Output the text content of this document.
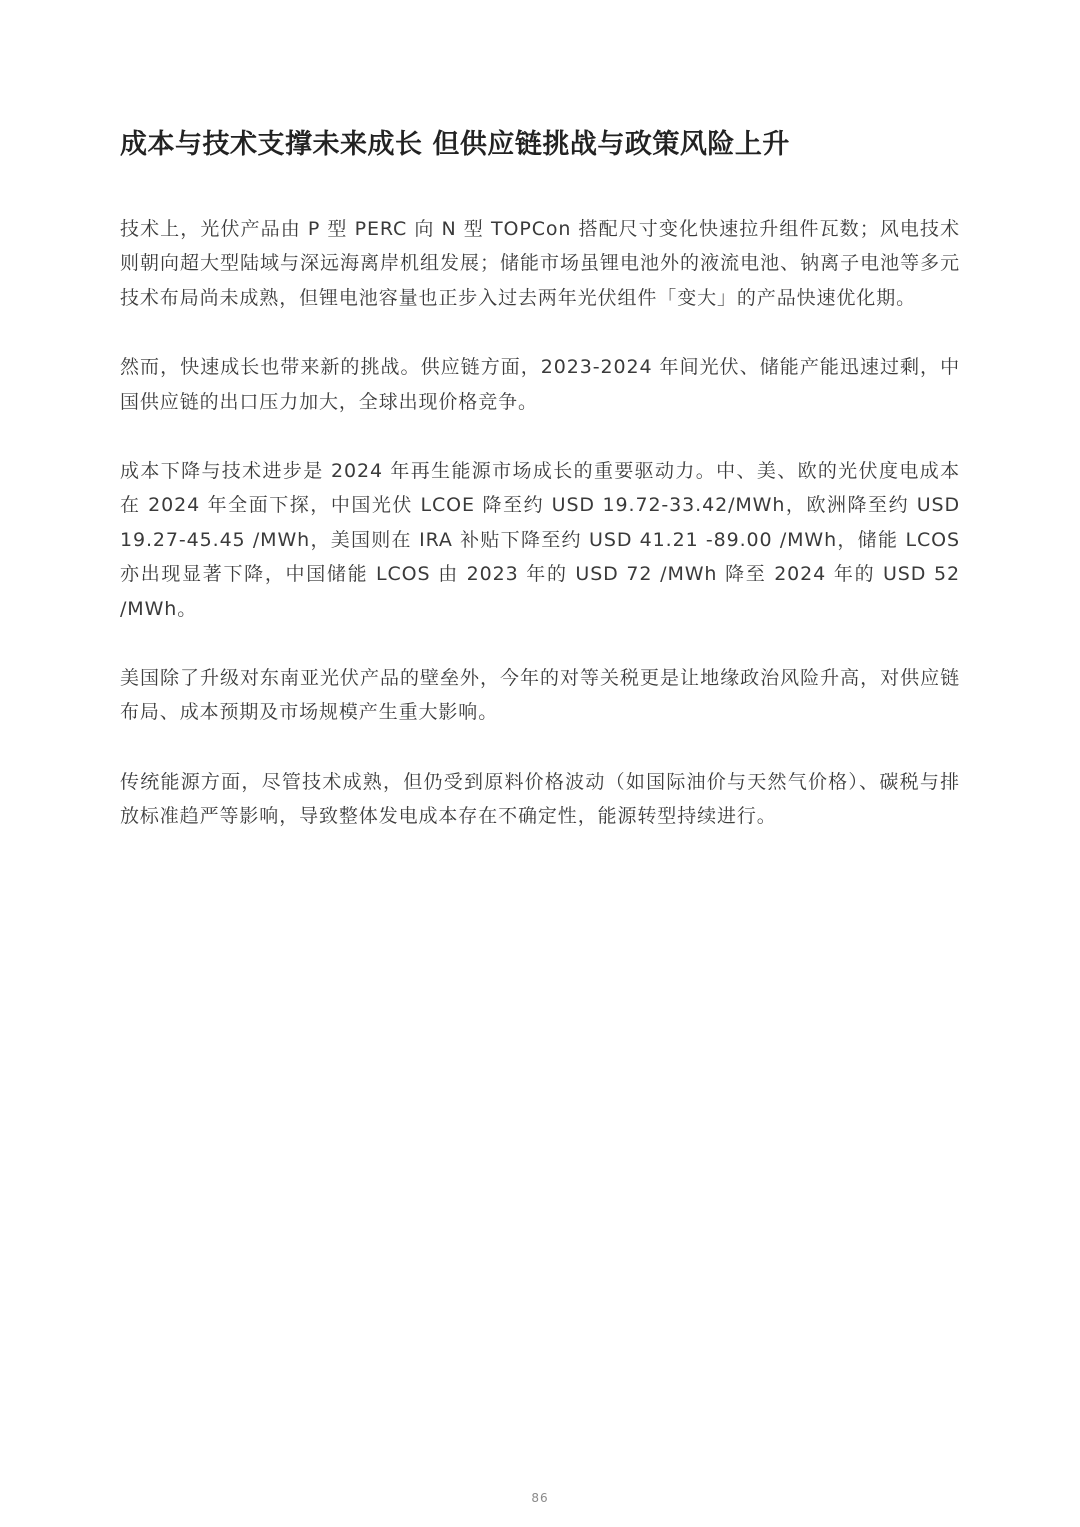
成本与技术支撑未来成长 但供应链挑战与政策风险上升

技术上，光伏产品由 P 型 PERC 向 N 型 TOPCon 搭配尺寸变化快速拉升组件瓦数；风电技术则朝向超大型陆域与深远海离岸机组发展；储能市场虽锂电池外的液流电池、钠离子电池等多元技术布局尚未成熟，但锂电池容量也正步入过去两年光伏组件「变大」的产品快速优化期。

然而，快速成长也带来新的挑战。供应链方面，2023-2024 年间光伏、储能产能迅速过剩，中国供应链的出口压力加大，全球出现价格竞争。

成本下降与技术进步是 2024 年再生能源市场成长的重要驱动力。中、美、欧的光伏度电成本在 2024 年全面下探，中国光伏 LCOE 降至约 USD 19.72-33.42/MWh，欧洲降至约 USD 19.27-45.45 /MWh，美国则在 IRA 补贴下降至约 USD 41.21 -89.00 /MWh，储能 LCOS 亦出现显著下降，中国储能 LCOS 由 2023 年的 USD 72 /MWh 降至 2024 年的 USD 52 /MWh。

美国除了升级对东南亚光伏产品的壁垒外，今年的对等关税更是让地缘政治风险升高，对供应链布局、成本预期及市场规模产生重大影响。

传统能源方面，尽管技术成熟，但仍受到原料价格波动（如国际油价与天然气价格）、碳税与排放标准趋严等影响，导致整体发电成本存在不确定性，能源转型持续进行。

86
